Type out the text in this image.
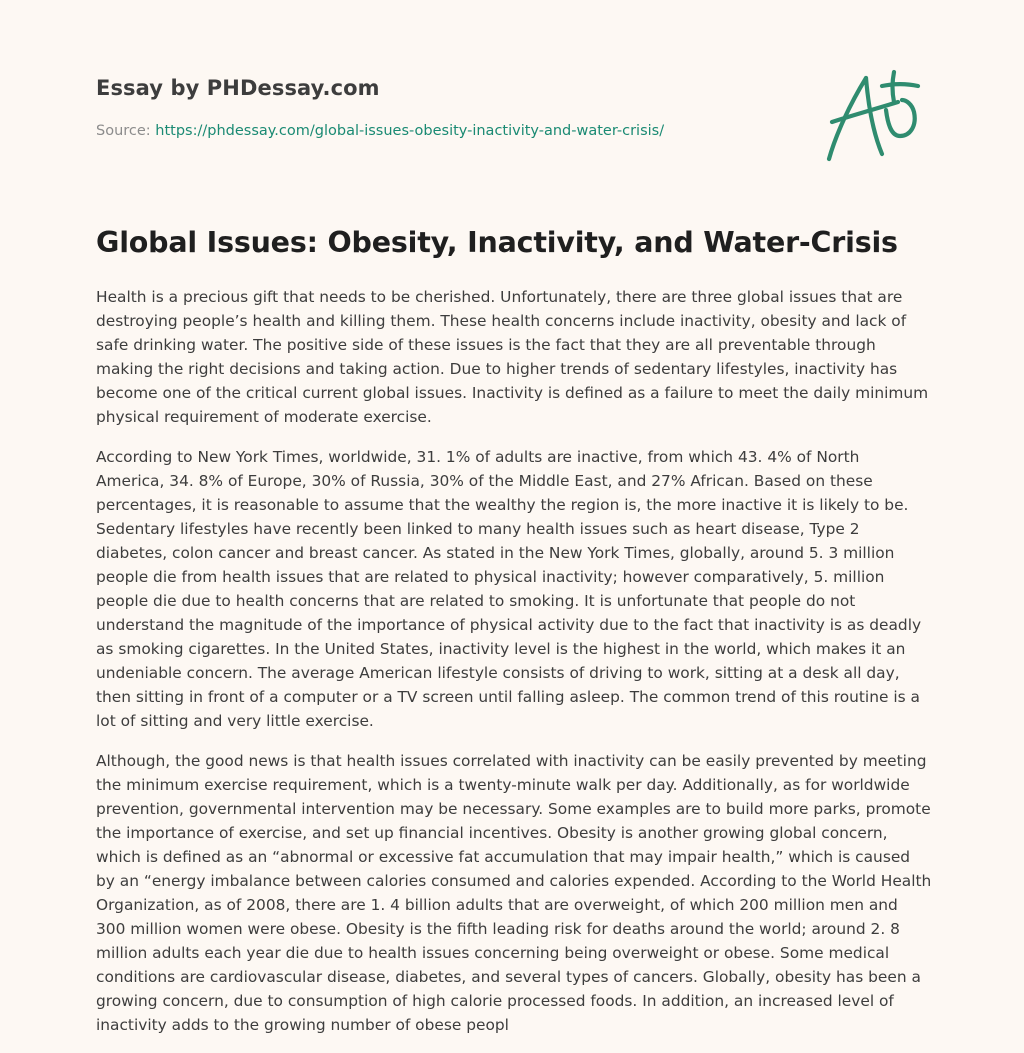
Essay by PHDessay.com

Source: https://phdessay.com/global-issues-obesity-inactivity-and-water-crisis/

Global Issues: Obesity, Inactivity, and Water-Crisis

Health is a precious gift that needs to be cherished. Unfortunately, there are three global issues that are destroying people’s health and killing them. These health concerns include inactivity, obesity and lack of safe drinking water. The positive side of these issues is the fact that they are all preventable through making the right decisions and taking action. Due to higher trends of sedentary lifestyles, inactivity has become one of the critical current global issues. Inactivity is defined as a failure to meet the daily minimum physical requirement of moderate exercise.

According to New York Times, worldwide, 31. 1% of adults are inactive, from which 43. 4% of North America, 34. 8% of Europe, 30% of Russia, 30% of the Middle East, and 27% African. Based on these percentages, it is reasonable to assume that the wealthy the region is, the more inactive it is likely to be. Sedentary lifestyles have recently been linked to many health issues such as heart disease, Type 2 diabetes, colon cancer and breast cancer. As stated in the New York Times, globally, around 5. 3 million people die from health issues that are related to physical inactivity; however comparatively, 5. million people die due to health concerns that are related to smoking. It is unfortunate that people do not understand the magnitude of the importance of physical activity due to the fact that inactivity is as deadly as smoking cigarettes. In the United States, inactivity level is the highest in the world, which makes it an undeniable concern. The average American lifestyle consists of driving to work, sitting at a desk all day, then sitting in front of a computer or a TV screen until falling asleep. The common trend of this routine is a lot of sitting and very little exercise.

Although, the good news is that health issues correlated with inactivity can be easily prevented by meeting the minimum exercise requirement, which is a twenty-minute walk per day. Additionally, as for worldwide prevention, governmental intervention may be necessary. Some examples are to build more parks, promote the importance of exercise, and set up financial incentives. Obesity is another growing global concern, which is defined as an “abnormal or excessive fat accumulation that may impair health,” which is caused by an “energy imbalance between calories consumed and calories expended. According to the World Health Organization, as of 2008, there are 1. 4 billion adults that are overweight, of which 200 million men and 300 million women were obese. Obesity is the fifth leading risk for deaths around the world; around 2. 8 million adults each year die due to health issues concerning being overweight or obese. Some medical conditions are cardiovascular disease, diabetes, and several types of cancers. Globally, obesity has been a growing concern, due to consumption of high calorie processed foods. In addition, an increased level of inactivity adds to the growing number of obese peopl
